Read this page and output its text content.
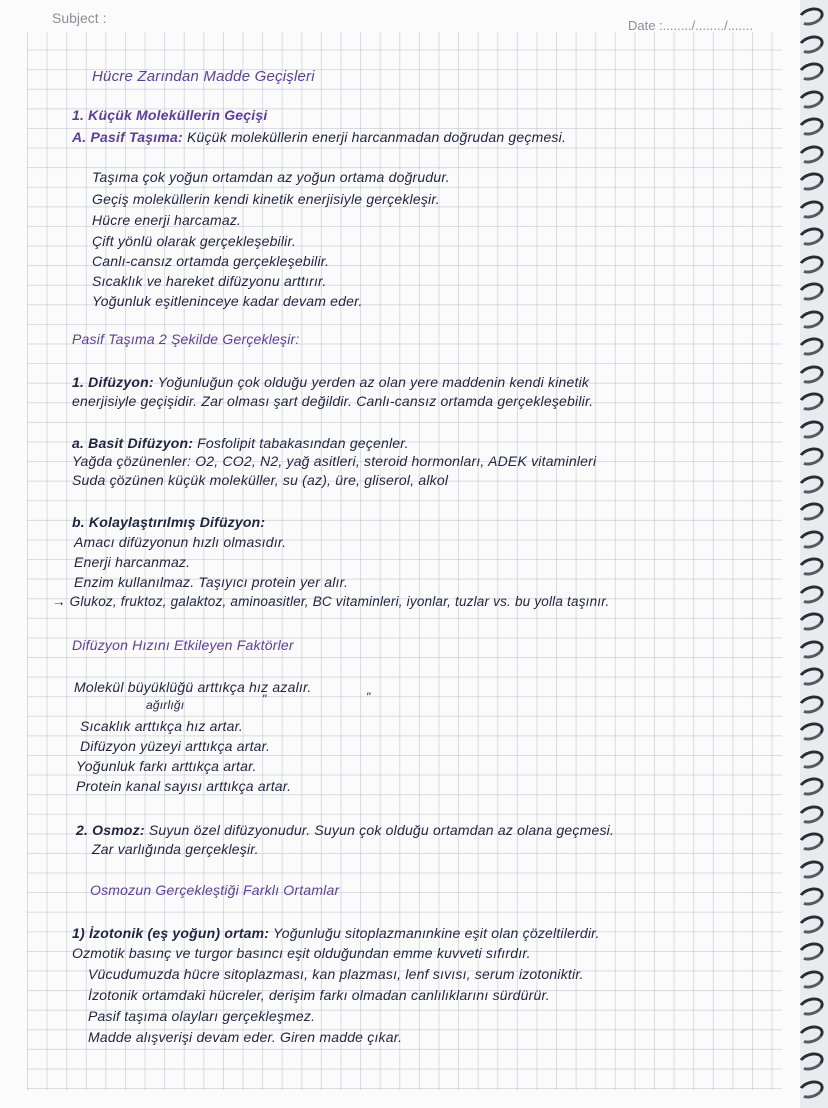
Subject :	Date :......../......../.......
Hücre Zarından Madde Geçişleri
1. Küçük Moleküllerin Geçişi
A. Pasif Taşıma: Küçük moleküllerin enerji harcanmadan doğrudan geçmesi.
Taşıma çok yoğun ortamdan az yoğun ortama doğrudur.
Geçiş moleküllerin kendi kinetik enerjisiyle gerçekleşir.
Hücre enerji harcamaz.
Çift yönlü olarak gerçekleşebilir.
Canlı-cansız ortamda gerçekleşebilir.
Sıcaklık ve hareket difüzyonu arttırır.
Yoğunluk eşitleninceye kadar devam eder.
Pasif Taşıma 2 Şekilde Gerçekleşir:
1. Difüzyon: Yoğunluğun çok olduğu yerden az olan yere maddenin kendi kinetik
enerjisiyle geçişidir. Zar olması şart değildir. Canlı-cansız ortamda gerçekleşebilir.
a. Basit Difüzyon: Fosfolipit tabakasından geçenler.
Yağda çözünenler: O2, CO2, N2, yağ asitleri, steroid hormonları, ADEK vitaminleri
Suda çözünen küçük moleküller, su (az), üre, gliserol, alkol
b. Kolaylaştırılmış Difüzyon:
Amacı difüzyonun hızlı olmasıdır.
Enerji harcanmaz.
Enzim kullanılmaz. Taşıyıcı protein yer alır.
→ Glukoz, fruktoz, galaktoz, aminoasitler, BC vitaminleri, iyonlar, tuzlar vs. bu yolla taşınır.
Difüzyon Hızını Etkileyen Faktörler
Molekül büyüklüğü arttıkça hız azalır.
ağırlığı	"	"
Sıcaklık arttıkça hız artar.
Difüzyon yüzeyi arttıkça artar.
Yoğunluk farkı arttıkça artar.
Protein kanal sayısı arttıkça artar.
2. Osmoz: Suyun özel difüzyonudur. Suyun çok olduğu ortamdan az olana geçmesi.
Zar varlığında gerçekleşir.
Osmozun Gerçekleştiği Farklı Ortamlar
1) İzotonik (eş yoğun) ortam: Yoğunluğu sitoplazmanınkine eşit olan çözeltilerdir.
Ozmotik basınç ve turgor basıncı eşit olduğundan emme kuvveti sıfırdır.
Vücudumuzda hücre sitoplazması, kan plazması, lenf sıvısı, serum izotoniktir.
İzotonik ortamdaki hücreler, derişim farkı olmadan canlılıklarını sürdürür.
Pasif taşıma olayları gerçekleşmez.
Madde alışverişi devam eder. Giren madde çıkar.
